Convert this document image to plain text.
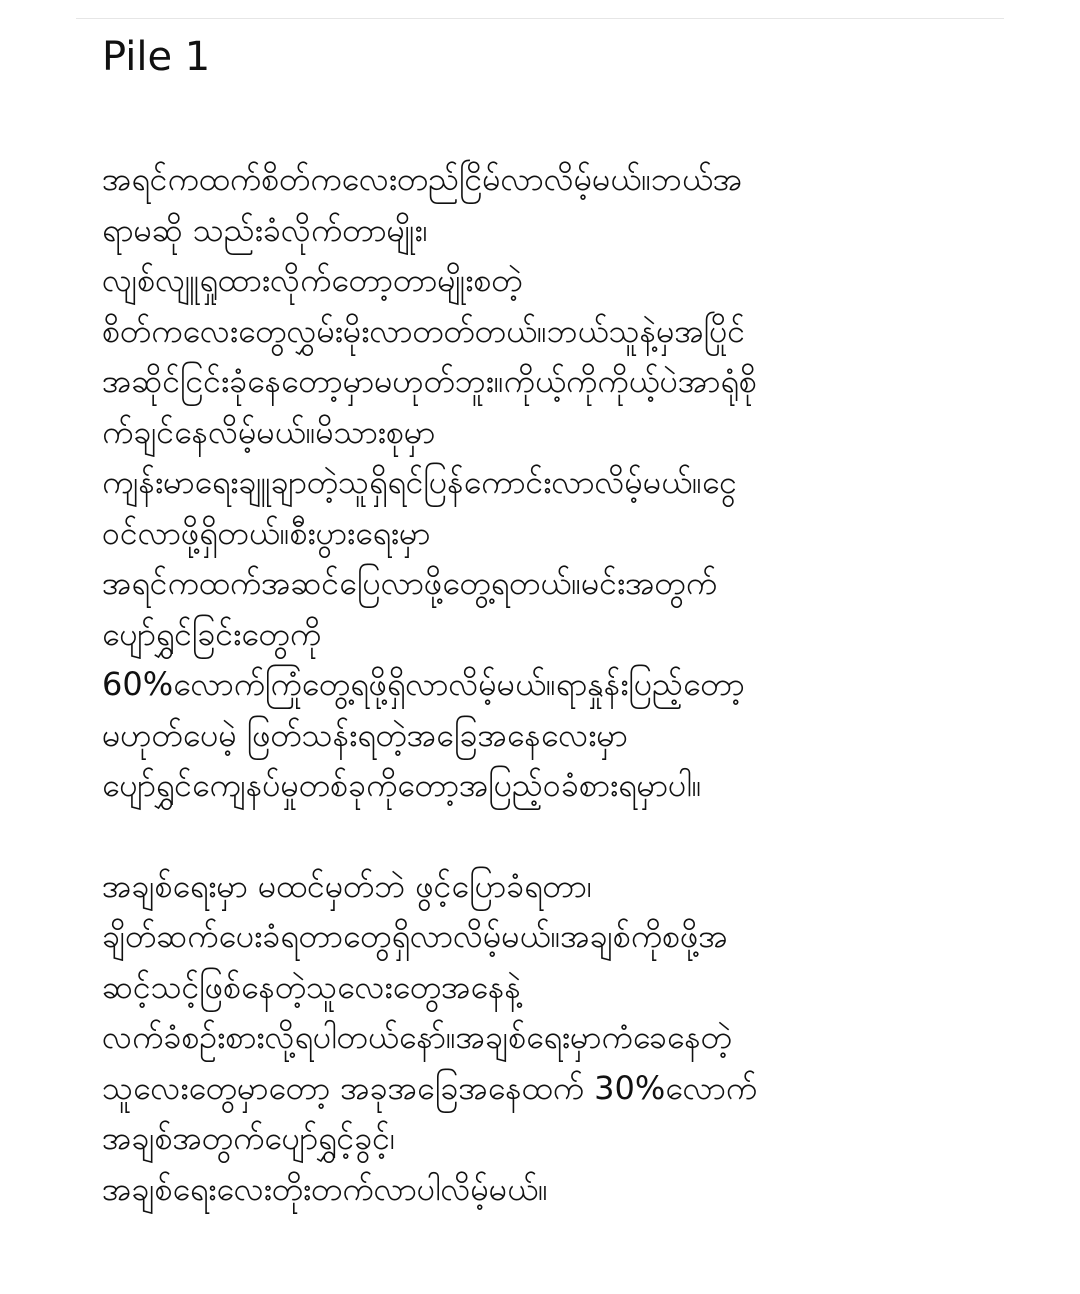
Pile 1
အရင်ကထက်စိတ်ကလေးတည်ငြိမ်လာလိမ့်မယ်။ဘယ်အ
ရာမဆို သည်းခံလိုက်တာမျိုး၊
လျစ်လျူရှုထားလိုက်တော့တာမျိုးစတဲ့
စိတ်ကလေးတွေလွှမ်းမိုးလာတတ်တယ်။ဘယ်သူနဲ့မှအပြိုင်
အဆိုင်ငြင်းခုံနေတော့မှာမဟုတ်ဘူး။ကိုယ့်ကိုကိုယ့်ပဲအာရုံစို
က်ချင်နေလိမ့်မယ်။မိသားစုမှာ
ကျန်းမာရေးချူချာတဲ့သူရှိရင်ပြန်ကောင်းလာလိမ့်မယ်။ငွေ
ဝင်လာဖို့ရှိတယ်။စီးပွားရေးမှာ
အရင်ကထက်အဆင်ပြေလာဖို့တွေ့ရတယ်။မင်းအတွက်
ပျော်ရွှင်ခြင်းတွေကို
60%လောက်ကြုံတွေ့ရဖို့ရှိလာလိမ့်မယ်။ရာနှုန်းပြည့်တော့
မဟုတ်ပေမဲ့ ဖြတ်သန်းရတဲ့အခြေအနေလေးမှာ
ပျော်ရွှင်ကျေနပ်မှုတစ်ခုကိုတော့အပြည့်ဝခံစားရမှာပါ။
အချစ်ရေးမှာ မထင်မှတ်ဘဲ ဖွင့်ပြောခံရတာ၊
ချိတ်ဆက်ပေးခံရတာတွေရှိလာလိမ့်မယ်။အချစ်ကိုစဖို့အ
ဆင့်သင့်ဖြစ်နေတဲ့သူလေးတွေအနေနဲ့
လက်ခံစဉ်းစားလို့ရပါတယ်နော်။အချစ်ရေးမှာကံခေနေတဲ့
သူလေးတွေမှာတော့ အခုအခြေအနေထက် 30%လောက်
အချစ်အတွက်ပျော်ရွှင့်ခွင့်၊
အချစ်ရေးလေးတိုးတက်လာပါလိမ့်မယ်။
